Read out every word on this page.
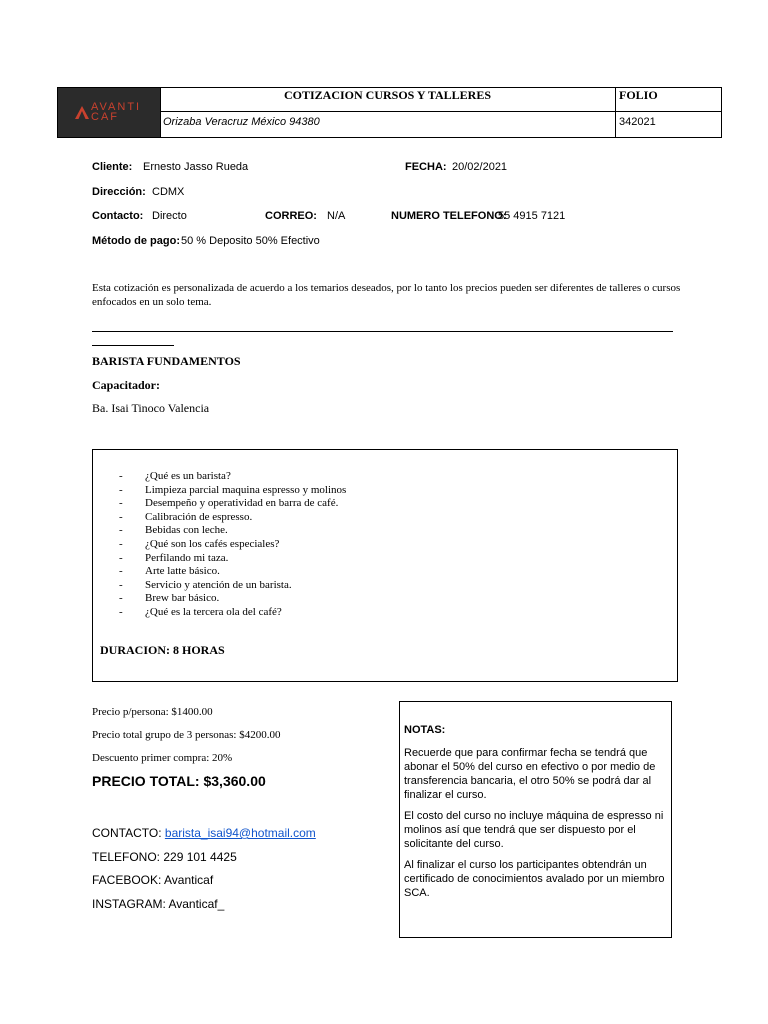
AVANTI
CAF
COTIZACION CURSOS Y TALLERES	FOLIO
Orizaba Veracruz México 94380	342021
Cliente: Ernesto Jasso Rueda	FECHA: 20/02/2021
Dirección: CDMX
Contacto: Directo	CORREO: N/A	NUMERO TELEFONO:
55 4915 7121
Método de pago: 50 % Deposito 50% Efectivo
Esta cotización es personalizada de acuerdo a los temarios deseados, por lo tanto los precios pueden ser diferentes de talleres o cursos enfocados en un solo tema.
BARISTA FUNDAMENTOS
Capacitador:
Ba. Isai Tinoco Valencia
- ¿Qué es un barista?
- Limpieza parcial maquina espresso y molinos
- Desempeño y operatividad en barra de café.
- Calibración de espresso.
- Bebidas con leche.
- ¿Qué son los cafés especiales?
- Perfilando mi taza.
- Arte latte básico.
- Servicio y atención de un barista.
- Brew bar básico.
- ¿Qué es la tercera ola del café?
DURACION: 8 HORAS
Precio p/persona: $1400.00
Precio total grupo de 3 personas: $4200.00
Descuento primer compra: 20%
PRECIO TOTAL: $3,360.00
CONTACTO: barista_isai94@hotmail.com
TELEFONO: 229 101 4425
FACEBOOK: Avanticaf
INSTAGRAM: Avanticaf_
NOTAS:

Recuerde que para confirmar fecha se tendrá que abonar el 50% del curso en efectivo o por medio de transferencia bancaria, el otro 50% se podrá dar al finalizar el curso.

El costo del curso no incluye máquina de espresso ni molinos así que tendrá que ser dispuesto por el solicitante del curso.

Al finalizar el curso los participantes obtendrán un certificado de conocimientos avalado por un miembro SCA.
